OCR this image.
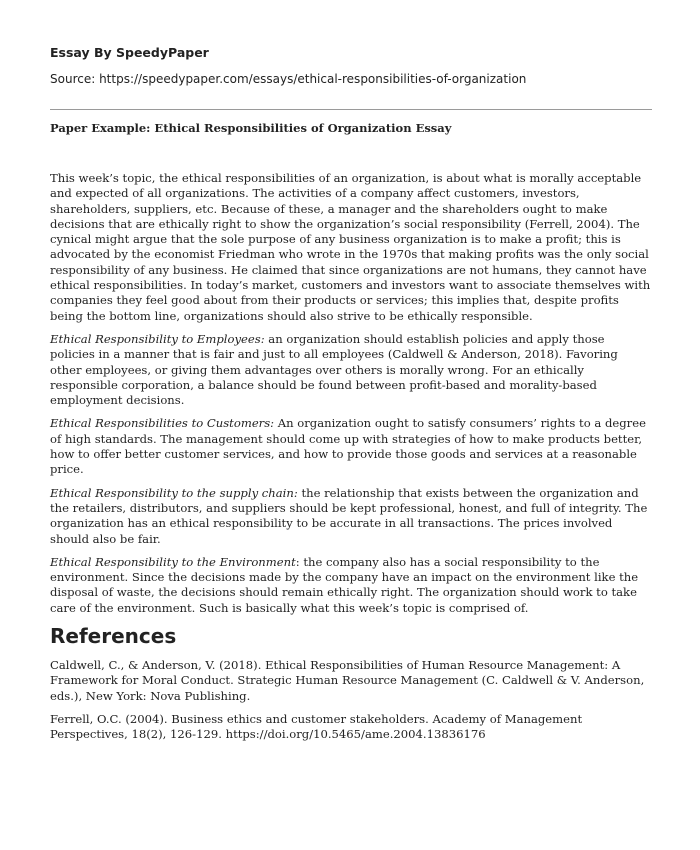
Essay By SpeedyPaper
Source: https://speedypaper.com/essays/ethical-responsibilities-of-organization
Paper Example: Ethical Responsibilities of Organization Essay

This week’s topic, the ethical responsibilities of an organization, is about what is morally acceptable and expected of all organizations. The activities of a company affect customers, investors, shareholders, suppliers, etc. Because of these, a manager and the shareholders ought to make decisions that are ethically right to show the organization’s social responsibility (Ferrell, 2004). The cynical might argue that the sole purpose of any business organization is to make a profit; this is advocated by the economist Friedman who wrote in the 1970s that making profits was the only social responsibility of any business. He claimed that since organizations are not humans, they cannot have ethical responsibilities. In today’s market, customers and investors want to associate themselves with companies they feel good about from their products or services; this implies that, despite profits being the bottom line, organizations should also strive to be ethically responsible.

Ethical Responsibility to Employees: an organization should establish policies and apply those policies in a manner that is fair and just to all employees (Caldwell & Anderson, 2018). Favoring other employees, or giving them advantages over others is morally wrong. For an ethically responsible corporation, a balance should be found between profit-based and morality-based employment decisions.

Ethical Responsibilities to Customers: An organization ought to satisfy consumers’ rights to a degree of high standards. The management should come up with strategies of how to make products better, how to offer better customer services, and how to provide those goods and services at a reasonable price.

Ethical Responsibility to the supply chain: the relationship that exists between the organization and the retailers, distributors, and suppliers should be kept professional, honest, and full of integrity. The organization has an ethical responsibility to be accurate in all transactions. The prices involved should also be fair.

Ethical Responsibility to the Environment: the company also has a social responsibility to the environment. Since the decisions made by the company have an impact on the environment like the disposal of waste, the decisions should remain ethically right. The organization should work to take care of the environment. Such is basically what this week’s topic is comprised of.

References

Caldwell, C., & Anderson, V. (2018). Ethical Responsibilities of Human Resource Management: A Framework for Moral Conduct. Strategic Human Resource Management (C. Caldwell & V. Anderson, eds.), New York: Nova Publishing.

Ferrell, O.C. (2004). Business ethics and customer stakeholders. Academy of Management Perspectives, 18(2), 126-129. https://doi.org/10.5465/ame.2004.13836176
